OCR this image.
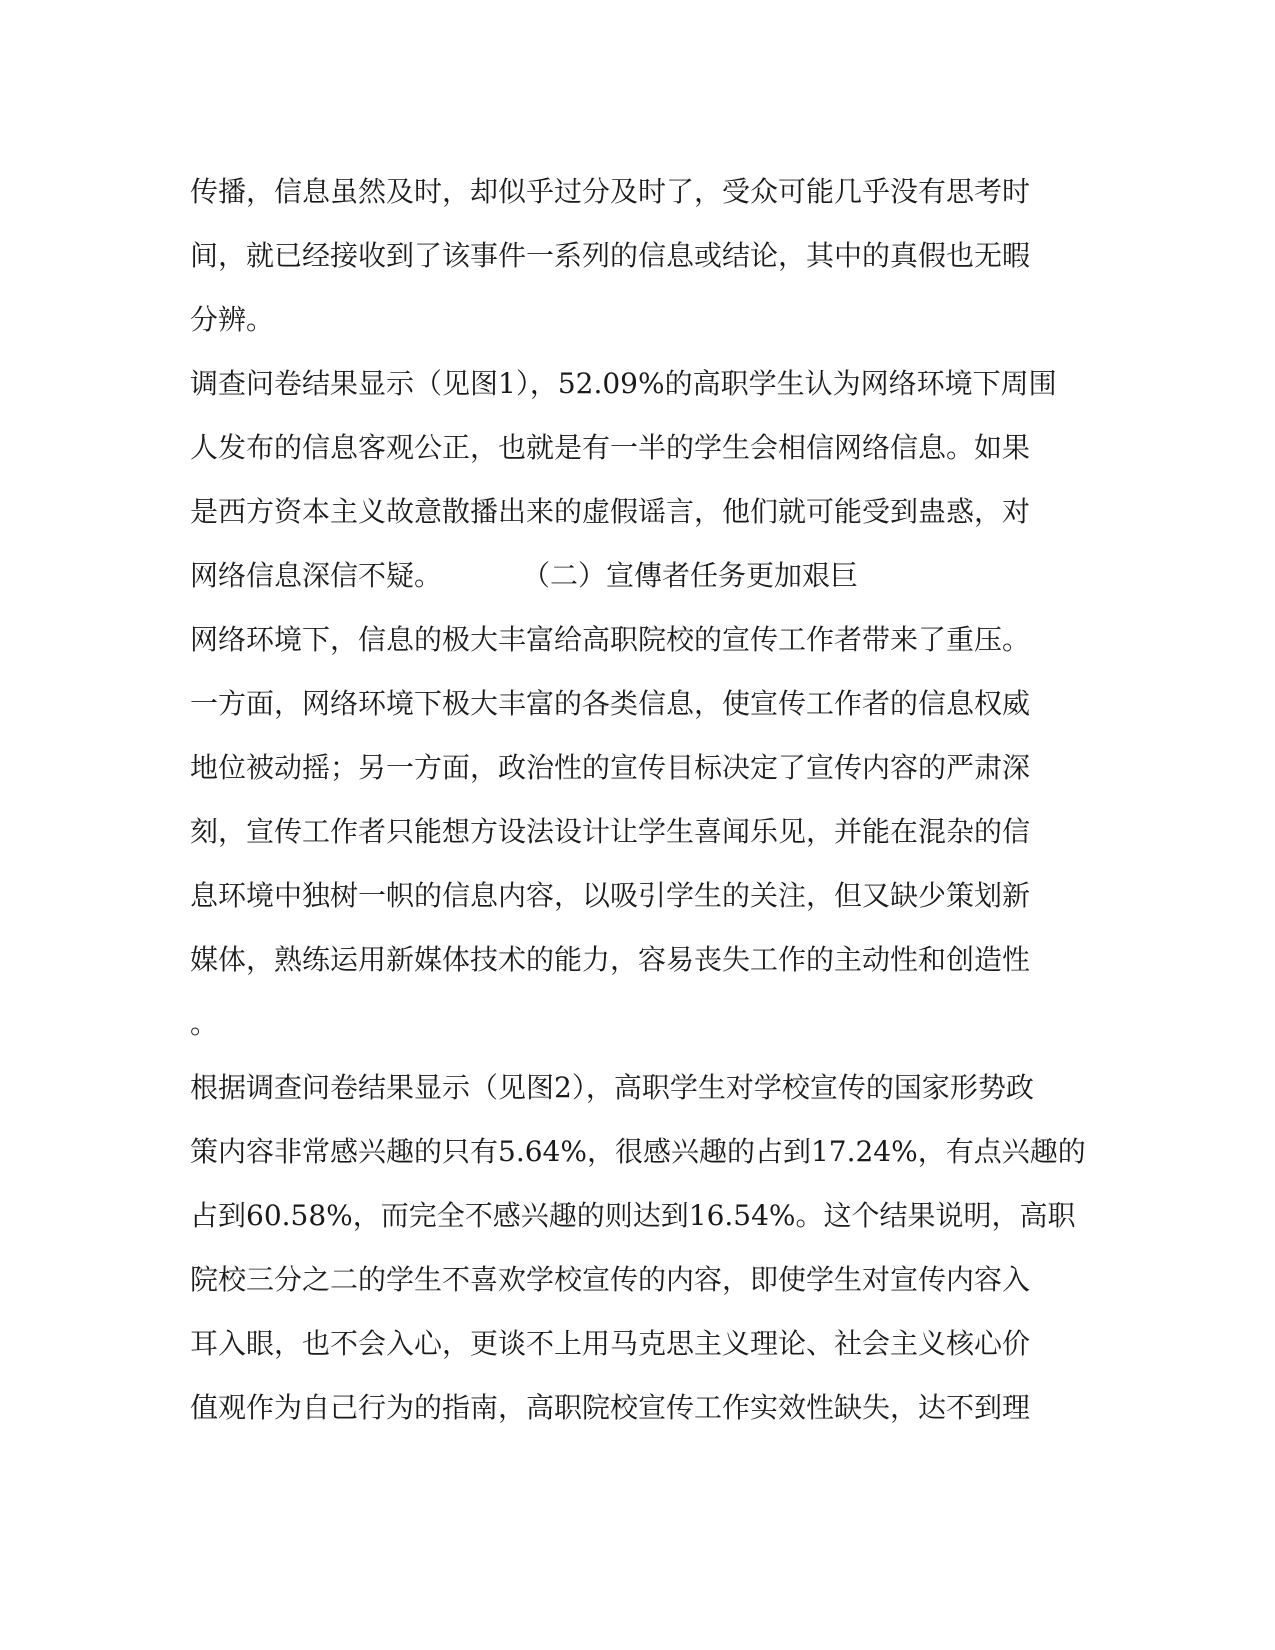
传播，信息虽然及时，却似乎过分及时了，受众可能几乎没有思考时
间，就已经接收到了该事件一系列的信息或结论，其中的真假也无暇
分辨。
调查问卷结果显示（见图1），52.09%的高职学生认为网络环境下周围
人发布的信息客观公正，也就是有一半的学生会相信网络信息。如果
是西方资本主义故意散播出来的虚假谣言，他们就可能受到蛊惑，对
网络信息深信不疑。	（二）宣傳者任务更加艰巨
网络环境下，信息的极大丰富给高职院校的宣传工作者带来了重压。
一方面，网络环境下极大丰富的各类信息，使宣传工作者的信息权威
地位被动摇；另一方面，政治性的宣传目标决定了宣传内容的严肃深
刻，宣传工作者只能想方设法设计让学生喜闻乐见，并能在混杂的信
息环境中独树一帜的信息内容，以吸引学生的关注，但又缺少策划新
媒体，熟练运用新媒体技术的能力，容易丧失工作的主动性和创造性
。
根据调查问卷结果显示（见图2），高职学生对学校宣传的国家形势政
策内容非常感兴趣的只有5.64%，很感兴趣的占到17.24%，有点兴趣的
占到60.58%，而完全不感兴趣的则达到16.54%。这个结果说明，高职
院校三分之二的学生不喜欢学校宣传的内容，即使学生对宣传内容入
耳入眼，也不会入心，更谈不上用马克思主义理论、社会主义核心价
值观作为自己行为的指南，高职院校宣传工作实效性缺失，达不到理
